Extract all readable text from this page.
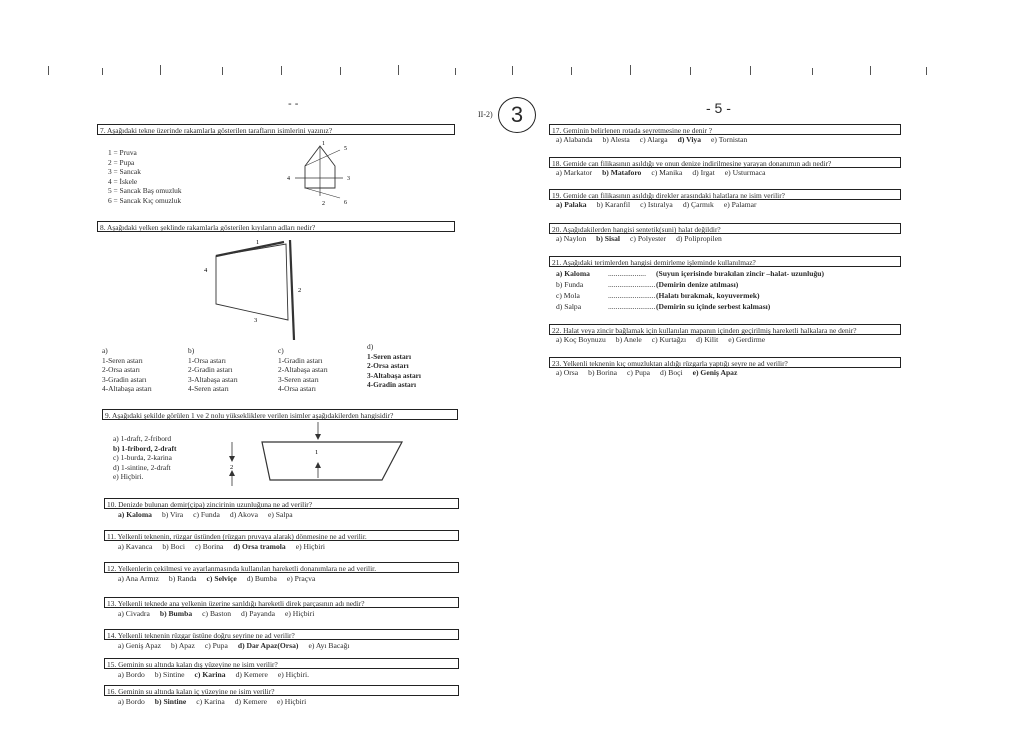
- -
II-2) 3	- 5 -
7. Aşağıdaki tekne üzerinde rakamlarla gösterilen tarafların isimlerini yazınız?
1 = Pruva
2 = Pupa
3 = Sancak
4 = İskele
5 = Sancak Baş omuzluk
6 = Sancak Kıç omuzluk
1
2
3
4
5
6
8. Aşağıdaki yelken şeklinde rakamlarla gösterilen kıyıların adları nedir?
1
2
3
4
a)
1-Seren astarı
2-Orsa astarı
3-Gradin astarı
4-Altabaşa astarı
b)
1-Orsa astarı
2-Gradin astarı
3-Altabaşa astarı
4-Seren astarı
c)
1-Gradin astarı
2-Altabaşa astarı
3-Seren astarı
4-Orsa astarı
d)
1-Seren astarı
2-Orsa astarı
3-Altabaşa astarı
4-Gradin astarı
9. Aşağıdaki şekilde görülen 1 ve 2 nolu yüksekliklere verilen isimler aşağıdakilerden hangisidir?
a) 1-draft, 2-fribord
b) 1-fribord, 2-draft
c) 1-burda, 2-karina
d) 1-sintine, 2-draft
e) Hiçbiri.
1
2
10. Denizde bulunan demir(çipa) zincirinin uzunluğuna ne ad verilir?
a) Kaloma b) Vira c) Funda d) Akova e) Salpa
11. Yelkenli teknenin, rüzgar üstünden (rüzgarı pruvaya alarak) dönmesine ne ad verilir.
a) Kavanca b) Boci c) Borina d) Orsa tramola e) Hiçbiri
12. Yelkenlerin çekilmesi ve ayarlanmasında kullanılan hareketli donanımlara ne ad verilir.
a) Ana Armız b) Randa c) Selviçe d) Bumba e) Praçva
13. Yelkenli teknede ana yelkenin üzerine sarıldığı hareketli direk parçasının adı nedir?
a) Civadra b) Bumba c) Baston d) Payanda e) Hiçbiri
14. Yelkenli teknenin rüzgar üstüne doğru seyrine ne ad verilir?
a) Geniş Apaz b) Apaz c) Pupa d) Dar Apaz(Orsa) e) Ayı Bacağı
15. Geminin su altında kalan dış yüzeyine ne isim verilir?
a) Bordo b) Sintine c) Karina d) Kemere e) Hiçbiri.
16. Geminin su altında kalan iç yüzeyine ne isim verilir?
a) Bordo b) Sintine c) Karina d) Kemere e) Hiçbiri
17. Geminin belirlenen rotada seyretmesine ne denir ?
a) Alabanda b) Alesta c) Alarga d) Viya e) Tornistan
18. Gemide can filikasının asıldığı ve onun denize indirilmesine yarayan donanımın adı nedir?
a) Markator b) Mataforo c) Manika d) Irgat e) Usturmaca
19. Gemide can filikasının asıldığı direkler arasındaki halatlara ne isim verilir?
a) Palaka b) Karanfil c) Istıralya d) Çarmık e) Palamar
20. Aşağıdakilerden hangisi sentetik(suni) halat değildir?
a) Naylon b) Sisal c) Polyester d) Polipropilen
21. Aşağıdaki terimlerden hangisi demirleme işleminde kullanılmaz?
a) Kaloma .................... (Suyun içerisinde bırakılan zincir –halat- uzunluğu)
b) Funda	.........................(Demirin denize atılması)
c) Mola	.........................(Halatı bırakmak, koyuvermek)
d) Salpa	.........................(Demirin su içinde serbest kalması)
22. Halat veya zincir bağlamak için kullanılan mapanın içinden geçirilmiş hareketli halkalara ne denir?
a) Koç Boynuzu b) Anele c) Kurtağzı d) Kilit e) Gerdirme
23. Yelkenli teknenin kıç omuzluktan aldığı rüzgarla yaptığı seyre ne ad verilir?
a) Orsa b) Borina c) Pupa d) Boçi e) Geniş Apaz
